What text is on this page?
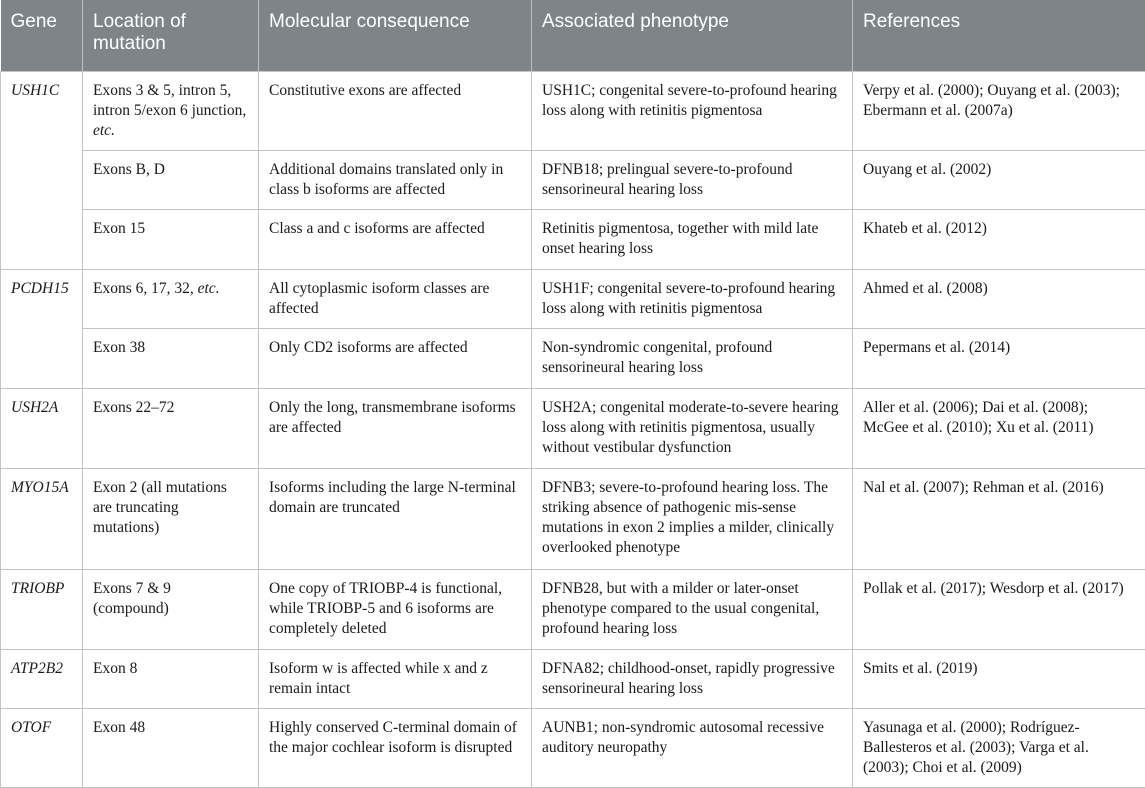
Gene	Location of mutation	Molecular consequence	Associated phenotype	References
USH1C	Exons 3 & 5, intron 5, intron 5/exon 6 junction, etc.	Constitutive exons are affected	USH1C; congenital severe-to-profound hearing loss along with retinitis pigmentosa	Verpy et al. (2000); Ouyang et al. (2003); Ebermann et al. (2007a)
	Exons B, D	Additional domains translated only in class b isoforms are affected	DFNB18; prelingual severe-to-profound sensorineural hearing loss	Ouyang et al. (2002)
	Exon 15	Class a and c isoforms are affected	Retinitis pigmentosa, together with mild late onset hearing loss	Khateb et al. (2012)
PCDH15	Exons 6, 17, 32, etc.	All cytoplasmic isoform classes are affected	USH1F; congenital severe-to-profound hearing loss along with retinitis pigmentosa	Ahmed et al. (2008)
	Exon 38	Only CD2 isoforms are affected	Non-syndromic congenital, profound sensorineural hearing loss	Pepermans et al. (2014)
USH2A	Exons 22–72	Only the long, transmembrane isoforms are affected	USH2A; congenital moderate-to-severe hearing loss along with retinitis pigmentosa, usually without vestibular dysfunction	Aller et al. (2006); Dai et al. (2008); McGee et al. (2010); Xu et al. (2011)
MYO15A	Exon 2 (all mutations are truncating mutations)	Isoforms including the large N-terminal domain are truncated	DFNB3; severe-to-profound hearing loss. The striking absence of pathogenic mis-sense mutations in exon 2 implies a milder, clinically overlooked phenotype	Nal et al. (2007); Rehman et al. (2016)
TRIOBP	Exons 7 & 9 (compound)	One copy of TRIOBP-4 is functional, while TRIOBP-5 and 6 isoforms are completely deleted	DFNB28, but with a milder or later-onset phenotype compared to the usual congenital, profound hearing loss	Pollak et al. (2017); Wesdorp et al. (2017)
ATP2B2	Exon 8	Isoform w is affected while x and z remain intact	DFNA82; childhood-onset, rapidly progressive sensorineural hearing loss	Smits et al. (2019)
OTOF	Exon 48	Highly conserved C-terminal domain of the major cochlear isoform is disrupted	AUNB1; non-syndromic autosomal recessive auditory neuropathy	Yasunaga et al. (2000); Rodríguez-Ballesteros et al. (2003); Varga et al. (2003); Choi et al. (2009)
